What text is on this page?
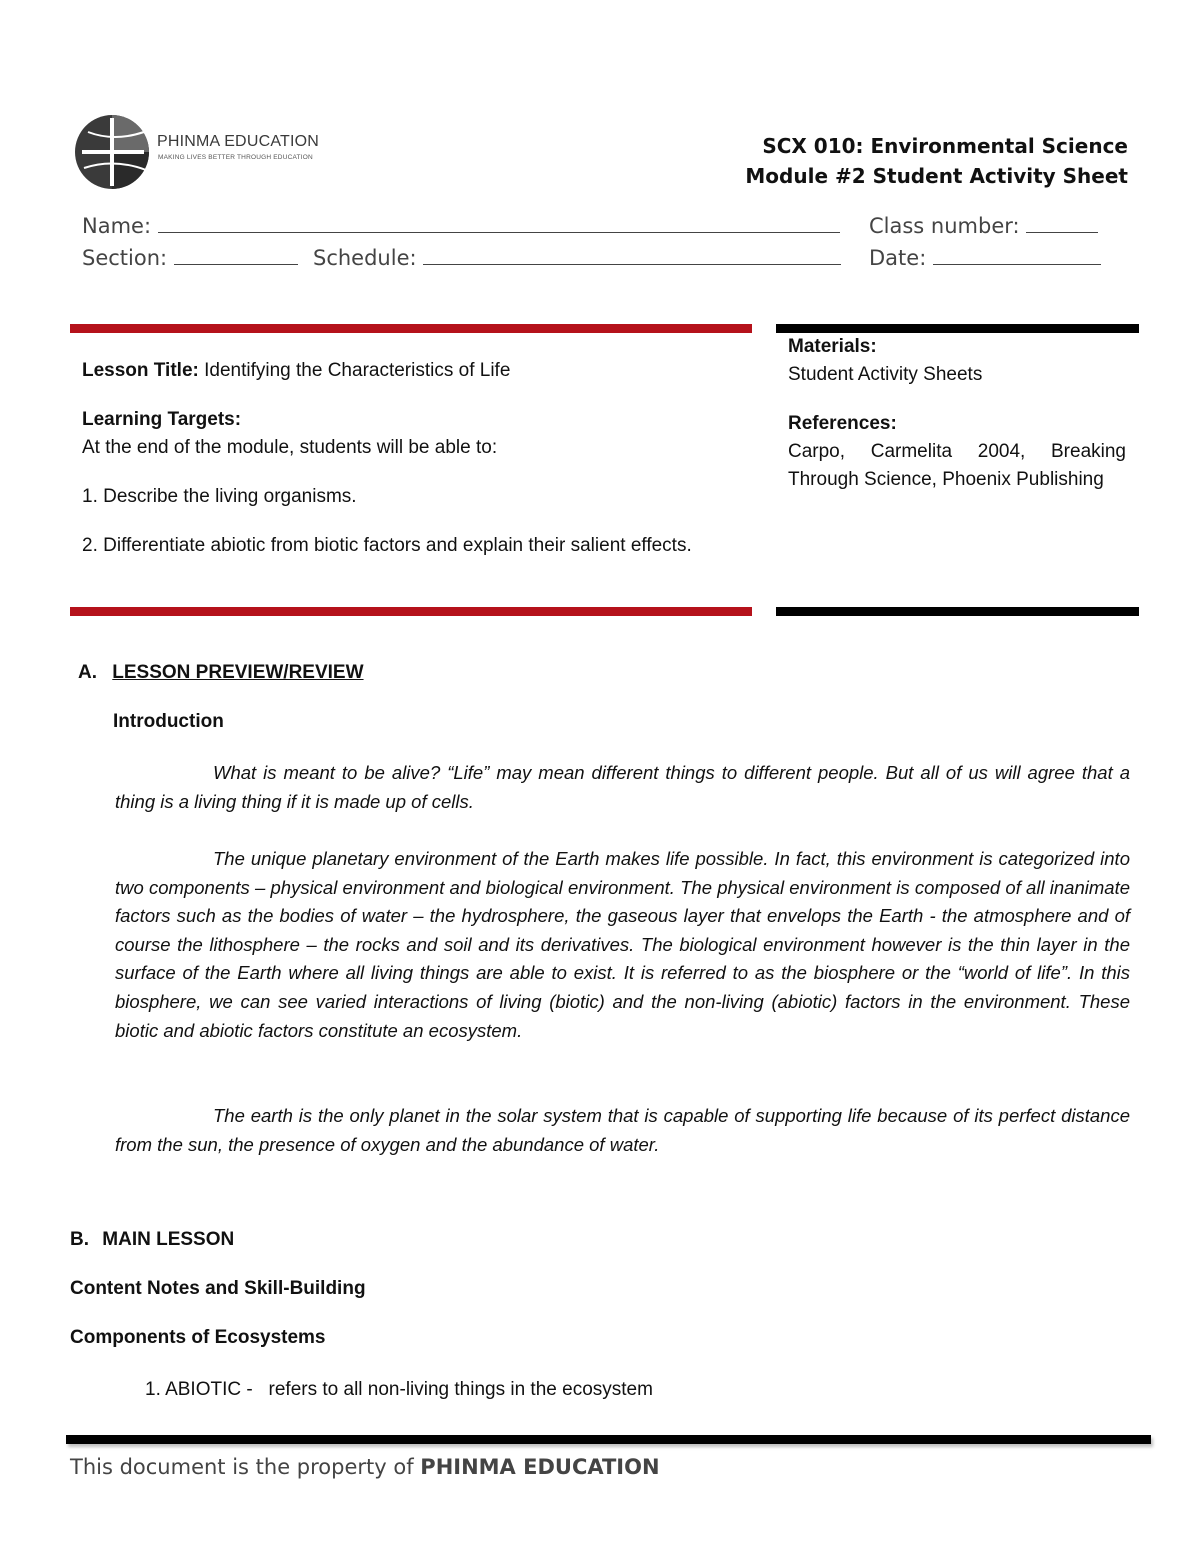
PHINMA EDUCATION
MAKING LIVES BETTER THROUGH EDUCATION	SCX 010: Environmental Science
Module #2 Student Activity Sheet
Name:	Class number:
Section:	Schedule:	Date:
Lesson Title: Identifying the Characteristics of Life
Learning Targets:
At the end of the module, students will be able to:
1. Describe the living organisms.
2. Differentiate abiotic from biotic factors and explain their salient effects.
Materials:
Student Activity Sheets
References:
Carpo, Carmelita 2004, Breaking Through Science, Phoenix Publishing
A. LESSON PREVIEW/REVIEW
Introduction
What is meant to be alive? “Life” may mean different things to different people. But all of us will agree that a thing is a living thing if it is made up of cells.
The unique planetary environment of the Earth makes life possible. In fact, this environment is categorized into two components – physical environment and biological environment. The physical environment is composed of all inanimate factors such as the bodies of water – the hydrosphere, the gaseous layer that envelops the Earth - the atmosphere and of course the lithosphere – the rocks and soil and its derivatives. The biological environment however is the thin layer in the surface of the Earth where all living things are able to exist. It is referred to as the biosphere or the “world of life”. In this biosphere, we can see varied interactions of living (biotic) and the non-living (abiotic) factors in the environment. These biotic and abiotic factors constitute an ecosystem.
The earth is the only planet in the solar system that is capable of supporting life because of its perfect distance from the sun, the presence of oxygen and the abundance of water.
B. MAIN LESSON
Content Notes and Skill-Building
Components of Ecosystems
1. ABIOTIC -   refers to all non-living things in the ecosystem
This document is the property of PHINMA EDUCATION
